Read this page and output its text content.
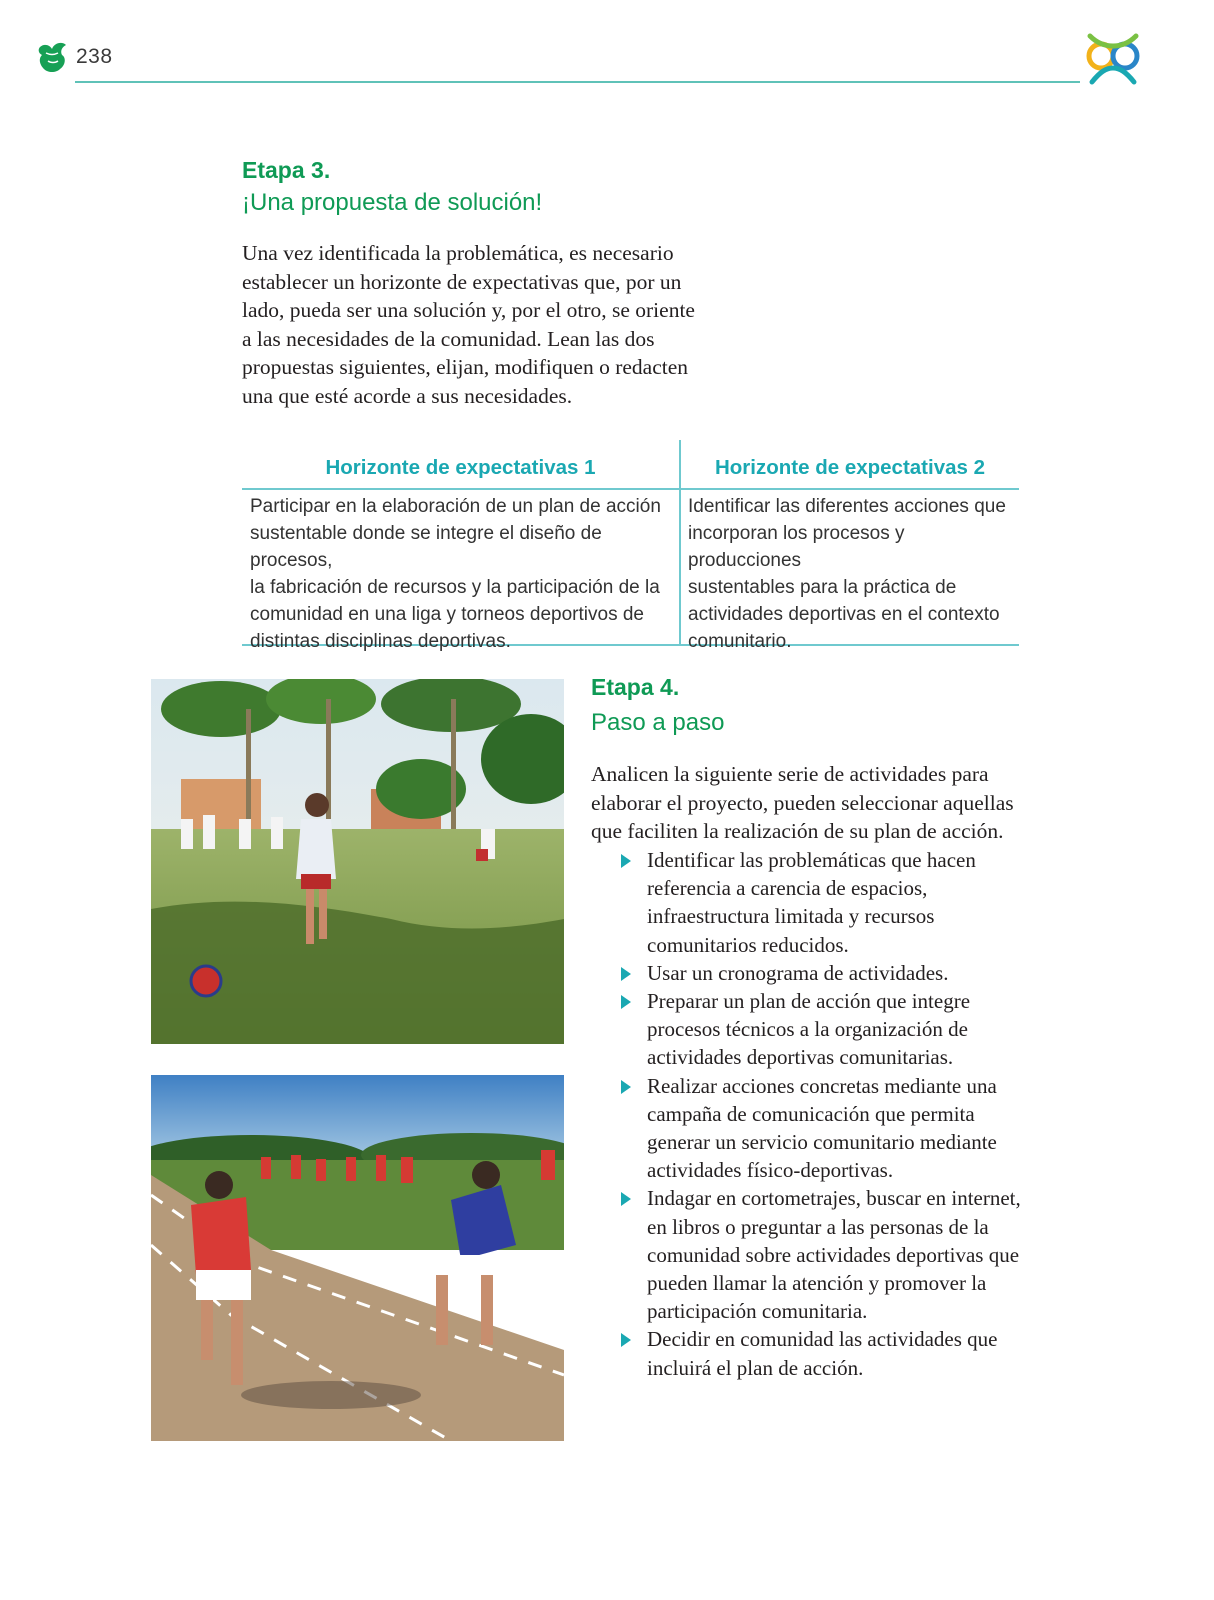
238
Etapa 3.
¡Una propuesta de solución!
Una vez identificada la problemática, es necesario
establecer un horizonte de expectativas que, por un
lado, pueda ser una solución y, por el otro, se oriente
a las necesidades de la comunidad. Lean las dos
propuestas siguientes, elijan, modifiquen o redacten
una que esté acorde a sus necesidades.
Horizonte de expectativas 1	Horizonte de expectativas 2
Participar en la elaboración de un plan de acción
sustentable donde se integre el diseño de procesos,
la fabricación de recursos y la participación de la
comunidad en una liga y torneos deportivos de
distintas disciplinas deportivas.
Identificar las diferentes acciones que
incorporan los procesos y producciones
sustentables para la práctica de
actividades deportivas en el contexto
comunitario.
Etapa 4.
Paso a paso
Analicen la siguiente serie de actividades para
elaborar el proyecto, pueden seleccionar aquellas
que faciliten la realización de su plan de acción.
Identificar las problemáticas que hacen
referencia a carencia de espacios,
infraestructura limitada y recursos
comunitarios reducidos.
Usar un cronograma de actividades.
Preparar un plan de acción que integre
procesos técnicos a la organización de
actividades deportivas comunitarias.
Realizar acciones concretas mediante una
campaña de comunicación que permita
generar un servicio comunitario mediante
actividades físico-deportivas.
Indagar en cortometrajes, buscar en internet,
en libros o preguntar a las personas de la
comunidad sobre actividades deportivas que
pueden llamar la atención y promover la
participación comunitaria.
Decidir en comunidad las actividades que
incluirá el plan de acción.
